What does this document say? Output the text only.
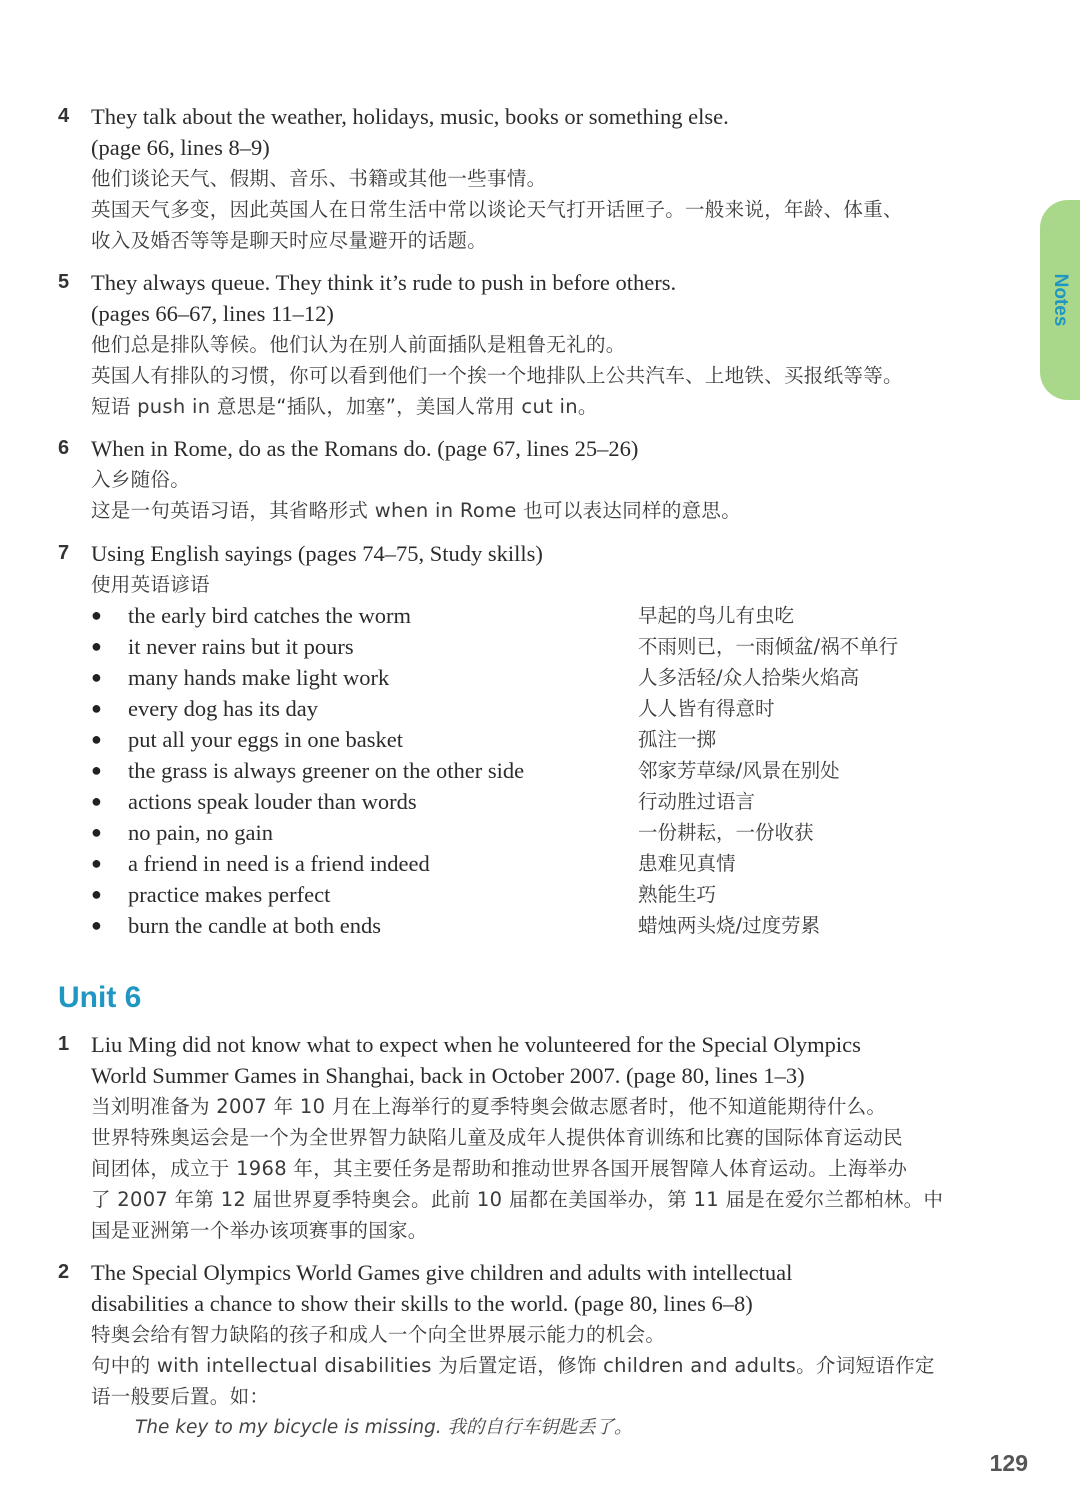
Notes
4 They talk about the weather, holidays, music, books or something else.
(page 66, lines 8–9)
他们谈论天气、假期、音乐、书籍或其他一些事情。
英国天气多变，因此英国人在日常生活中常以谈论天气打开话匣子。一般来说，年龄、体重、
收入及婚否等等是聊天时应尽量避开的话题。
5 They always queue. They think it’s rude to push in before others.
(pages 66–67, lines 11–12)
他们总是排队等候。他们认为在别人前面插队是粗鲁无礼的。
英国人有排队的习惯，你可以看到他们一个挨一个地排队上公共汽车、上地铁、买报纸等等。
短语 push in 意思是“插队，加塞”，美国人常用 cut in。
6 When in Rome, do as the Romans do. (page 67, lines 25–26)
入乡随俗。
这是一句英语习语，其省略形式 when in Rome 也可以表达同样的意思。
7 Using English sayings (pages 74–75, Study skills)
使用英语谚语
● the early bird catches the worm	早起的鸟儿有虫吃
● it never rains but it pours	不雨则已，一雨倾盆/祸不单行
● many hands make light work	人多活轻/众人拾柴火焰高
● every dog has its day	人人皆有得意时
● put all your eggs in one basket	孤注一掷
● the grass is always greener on the other side	邻家芳草绿/风景在别处
● actions speak louder than words	行动胜过语言
● no pain, no gain	一份耕耘，一份收获
● a friend in need is a friend indeed	患难见真情
● practice makes perfect	熟能生巧
● burn the candle at both ends	蜡烛两头烧/过度劳累
Unit 6
1 Liu Ming did not know what to expect when he volunteered for the Special Olympics
World Summer Games in Shanghai, back in October 2007. (page 80, lines 1–3)
当刘明准备为 2007 年 10 月在上海举行的夏季特奥会做志愿者时，他不知道能期待什么。
世界特殊奥运会是一个为全世界智力缺陷儿童及成年人提供体育训练和比赛的国际体育运动民
间团体，成立于 1968 年，其主要任务是帮助和推动世界各国开展智障人体育运动。上海举办
了 2007 年第 12 届世界夏季特奥会。此前 10 届都在美国举办，第 11 届是在爱尔兰都柏林。中
国是亚洲第一个举办该项赛事的国家。
2 The Special Olympics World Games give children and adults with intellectual
disabilities a chance to show their skills to the world. (page 80, lines 6–8)
特奥会给有智力缺陷的孩子和成人一个向全世界展示能力的机会。
句中的 with intellectual disabilities 为后置定语，修饰 children and adults。介词短语作定
语一般要后置。如：
The key to my bicycle is missing. 我的自行车钥匙丢了。
129
